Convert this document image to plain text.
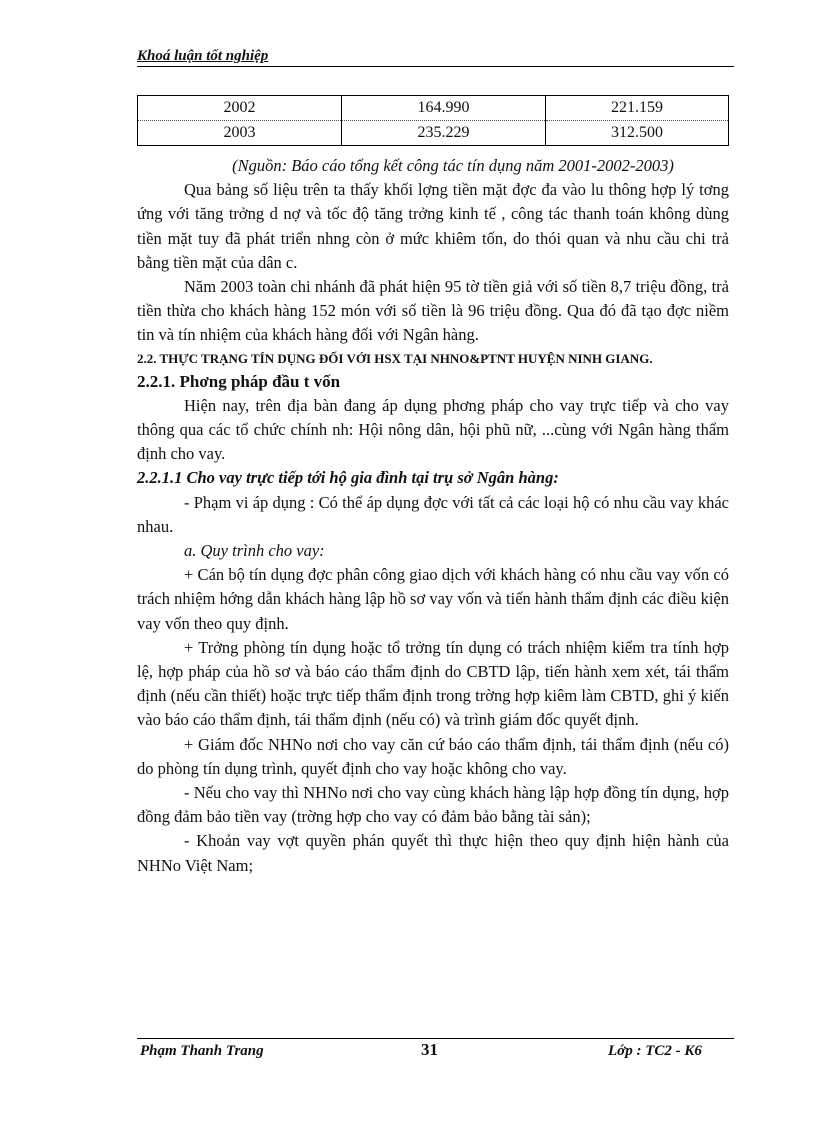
Khoá luận tốt nghiệp
2002	164.990	221.159
2003	235.229	312.500

(Nguồn: Báo cáo tổng kết công tác tín dụng năm 2001-2002-2003)

Qua bảng số liệu trên ta thấy khối lợng tiền mặt đợc đa vào lu thông hợp lý tơng ứng với tăng trởng d nợ và tốc độ tăng trởng kinh tế , công tác thanh toán không dùng tiền mặt tuy đã phát triển nhng còn ở mức khiêm tốn, do thói quan và nhu cầu chi trả bằng tiền mặt của dân c.

Năm 2003 toàn chi nhánh đã phát hiện 95 tờ tiền giả với số tiền 8,7 triệu đồng, trả tiền thừa cho khách hàng 152 món với số tiền là 96 triệu đồng. Qua đó đã tạo đợc niềm tin và tín nhiệm của khách hàng đối với Ngân hàng.

2.2. THỰC TRẠNG TÍN DỤNG ĐỐI VỚI HSX TẠI NHNO&PTNT HUYỆN NINH GIANG.

2.2.1. Phơng pháp đầu t vốn

Hiện nay, trên địa bàn đang áp dụng phơng pháp cho vay trực tiếp và cho vay thông qua các tổ chức chính nh: Hội nông dân, hội phũ nữ, ...cùng với Ngân hàng thẩm định cho vay.

2.2.1.1 Cho vay trực tiếp tới hộ gia đình tại trụ sở Ngân hàng:

- Phạm vi áp dụng : Có thể áp dụng đợc với tất cả các loại hộ có nhu cầu vay khác nhau.

a. Quy trình cho vay:

+ Cán bộ tín dụng đợc phân công giao dịch với khách hàng có nhu cầu vay vốn có trách nhiệm hớng dẫn khách hàng lập hồ sơ vay vốn và tiến hành thẩm định các điều kiện vay vốn theo quy định.

+ Trởng phòng tín dụng hoặc tổ trởng tín dụng có trách nhiệm kiểm tra tính hợp lệ, hợp pháp của hồ sơ và báo cáo thẩm định do CBTD lập, tiến hành xem xét, tái thẩm định (nếu cần thiết) hoặc trực tiếp thẩm định trong trờng hợp kiêm làm CBTD, ghi ý kiến vào báo cáo thẩm định, tái thẩm định (nếu có) và trình giám đốc quyết định.

+ Giám đốc NHNo nơi cho vay căn cứ báo cáo thẩm định, tái thẩm định (nếu có) do phòng tín dụng trình, quyết định cho vay hoặc không cho vay.

- Nếu cho vay thì NHNo nơi cho vay cùng khách hàng lập hợp đồng tín dụng, hợp đồng đảm bảo tiền vay (trờng hợp cho vay có đảm bảo bằng tài sản);

- Khoản vay vợt quyền phán quyết thì thực hiện theo quy định hiện hành của NHNo Việt Nam;

Phạm Thanh Trang	31	Lớp : TC2 - K6
